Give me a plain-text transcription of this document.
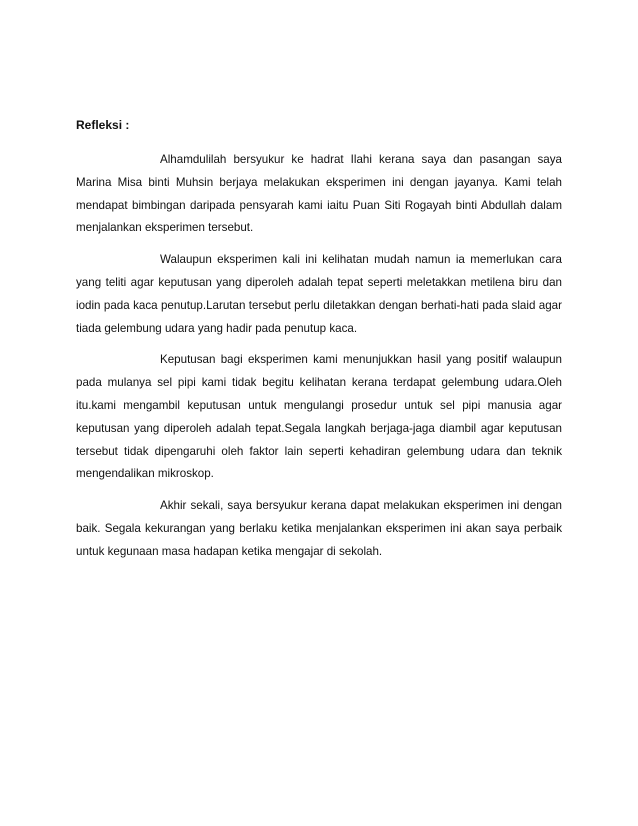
Refleksi :

Alhamdulilah bersyukur ke hadrat Ilahi kerana saya dan pasangan saya Marina Misa binti Muhsin berjaya melakukan eksperimen ini dengan jayanya. Kami telah mendapat bimbingan daripada pensyarah kami iaitu Puan Siti Rogayah binti Abdullah dalam menjalankan eksperimen tersebut.

Walaupun eksperimen kali ini kelihatan mudah namun ia memerlukan cara yang teliti agar keputusan yang diperoleh adalah tepat seperti meletakkan metilena biru dan iodin pada kaca penutup.Larutan tersebut perlu diletakkan dengan berhati-hati pada slaid agar tiada gelembung udara yang hadir pada penutup kaca.

Keputusan bagi eksperimen kami menunjukkan hasil yang positif walaupun pada mulanya sel pipi kami tidak begitu kelihatan kerana terdapat gelembung udara.Oleh itu.kami mengambil keputusan untuk mengulangi prosedur untuk sel pipi manusia agar keputusan yang diperoleh adalah tepat.Segala langkah berjaga-jaga diambil agar keputusan tersebut tidak dipengaruhi oleh faktor lain seperti kehadiran gelembung udara dan teknik mengendalikan mikroskop.

Akhir sekali, saya bersyukur kerana dapat melakukan eksperimen ini dengan baik. Segala kekurangan yang berlaku ketika menjalankan eksperimen ini akan saya perbaik untuk kegunaan masa hadapan ketika mengajar di sekolah.
